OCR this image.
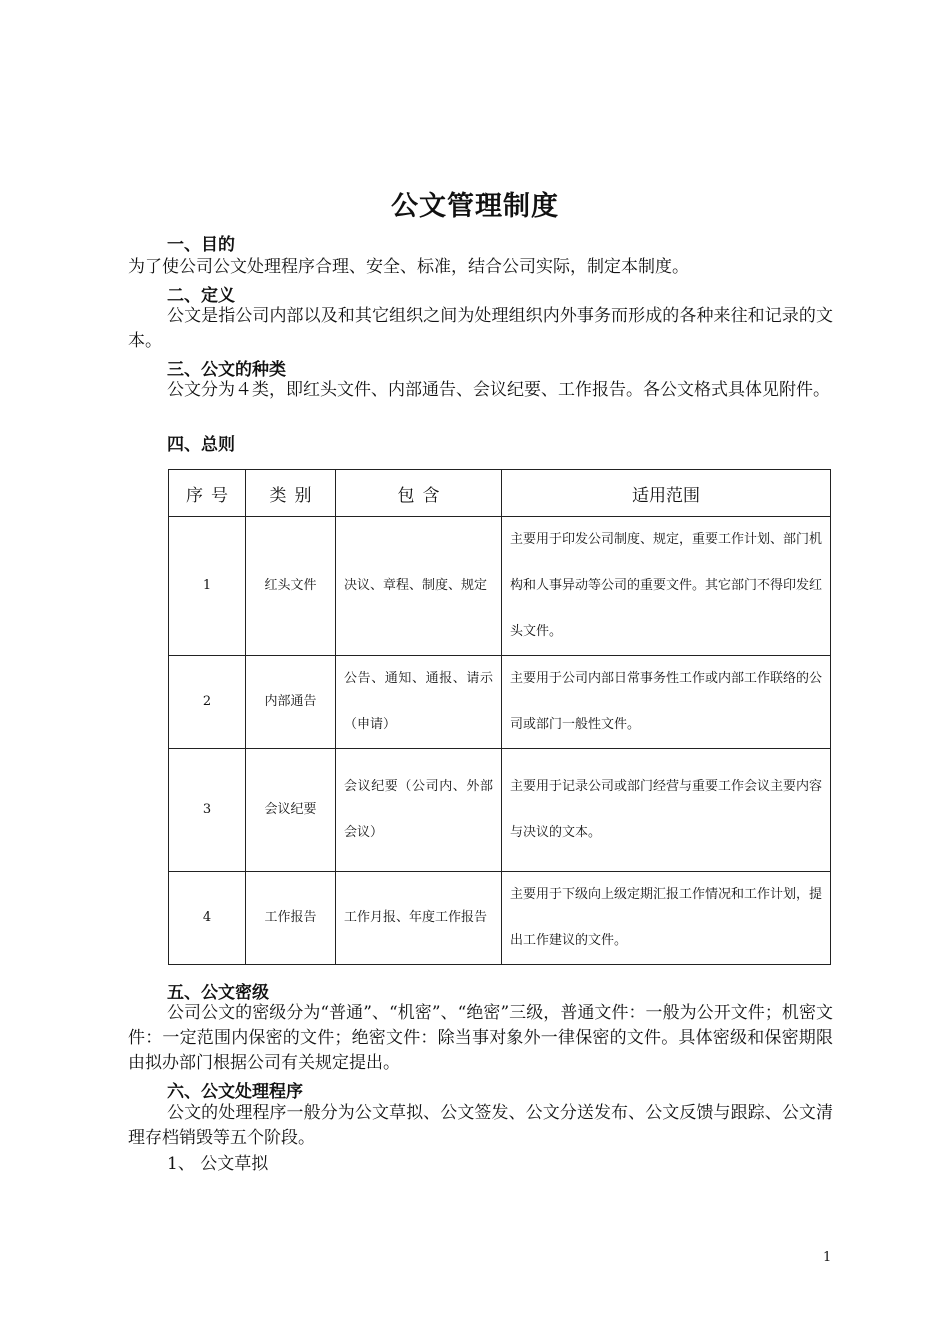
公文管理制度
一、目的
为了使公司公文处理程序合理、安全、标准，结合公司实际，制定本制度。
二、定义
公文是指公司内部以及和其它组织之间为处理组织内外事务而形成的各种来往和记录的文本。
三、公文的种类
公文分为４类，即红头文件、内部通告、会议纪要、工作报告。各公文格式具体见附件。
四、总则
序号	类别	包含	适用范围
1	红头文件	决议、章程、制度、规定	主要用于印发公司制度、规定，重要工作计划、部门机构和人事异动等公司的重要文件。其它部门不得印发红头文件。
2	内部通告	公告、通知、通报、请示（申请）	主要用于公司内部日常事务性工作或内部工作联络的公司或部门一般性文件。
3	会议纪要	会议纪要（公司内、外部会议）	主要用于记录公司或部门经营与重要工作会议主要内容与决议的文本。
4	工作报告	工作月报、年度工作报告	主要用于下级向上级定期汇报工作情况和工作计划，提出工作建议的文件。
五、公文密级
公司公文的密级分为“普通”、“机密”、“绝密”三级，普通文件：一般为公开文件；机密文件：一定范围内保密的文件；绝密文件：除当事对象外一律保密的文件。具体密级和保密期限由拟办部门根据公司有关规定提出。
六、公文处理程序
公文的处理程序一般分为公文草拟、公文签发、公文分送发布、公文反馈与跟踪、公文清理存档销毁等五个阶段。
1、 公文草拟
1
